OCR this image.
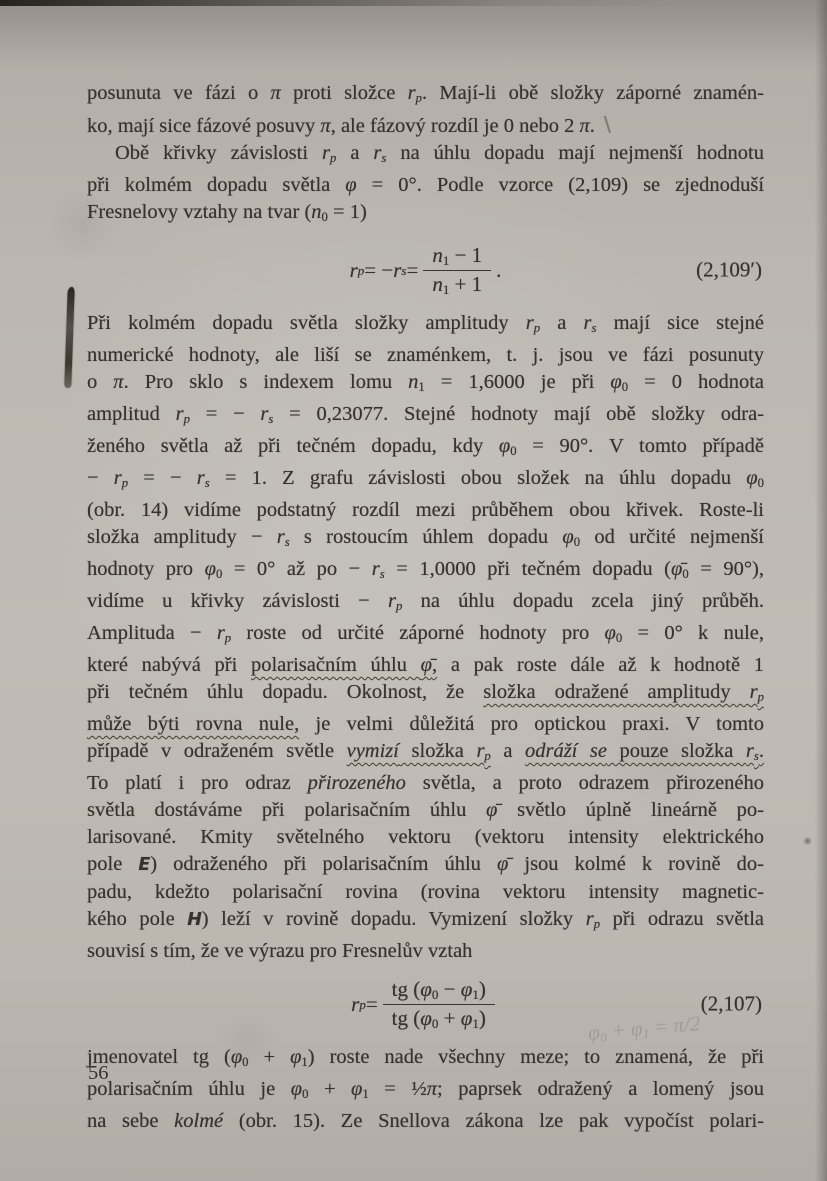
posunuta ve fázi o π proti složce rp. Mají-li obě složky záporné znamén-
ko, mají sice fázové posuvy π, ale fázový rozdíl je 0 nebo 2 π. ∖
Obě křivky závislosti rp a rs na úhlu dopadu mají nejmenší hodnotu
při kolmém dopadu světla φ = 0°. Podle vzorce (2,109) se zjednoduší
Fresnelovy vztahy na tvar (n0 = 1)
r p = − r $s = \frac{n1 - 1}{n1 + 1}$ .	(2,109′)
Při kolmém dopadu světla složky amplitudy rp a rs mají sice stejné
numerické hodnoty, ale liší se znaménkem, t. j. jsou ve fázi posunuty
o π. Pro sklo s indexem lomu n1 = 1,6000 je při φ0 = 0 hodnota
amplitud rp = − rs = 0,23077. Stejné hodnoty mají obě složky odra-
ženého světla až při tečném dopadu, kdy φ0 = 90°. V tomto případě
− rp = − rs = 1. Z grafu závislosti obou složek na úhlu dopadu φ0
(obr. 14) vidíme podstatný rozdíl mezi průběhem obou křivek. Roste-li
složka amplitudy − rs s rostoucím úhlem dopadu φ0 od určité nejmenší
hodnoty pro φ0 = 0° až po − rs = 1,0000 při tečném dopadu (φ̄0 = 90°),
vidíme u křivky závislosti − rp na úhlu dopadu zcela jiný průběh.
Amplituda − rp roste od určité záporné hodnoty pro φ0 = 0° k nule,
které nabývá při polarisačním úhlu φ̄, a pak roste dále až k hodnotě 1
při tečném úhlu dopadu. Okolnost, že složka odražené amplitudy rp
může býti rovna nule, je velmi důležitá pro optickou praxi. V tomto
případě v odraženém světle vymizí složka rp a odráží se pouze složka rs.
To platí i pro odraz přirozeného světla, a proto odrazem přirozeného
světla dostáváme při polarisačním úhlu φ̄ světlo úplně lineárně po-
larisované. Kmity světelného vektoru (vektoru intensity elektrického
pole E) odraženého při polarisačním úhlu φ̄ jsou kolmé k rovině do-
padu, kdežto polarisační rovina (rovina vektoru intensity magnetic-
kého pole H) leží v rovině dopadu. Vymizení složky rp při odrazu světla
souvisí s tím, že ve výrazu pro Fresnelův vztah
r $p = \frac{tg (\varphi 0 - \varphi 1)}{tg (\varphi 0 + \varphi 1)}$	(2,107)
φ0 + φ1 = π/2
jmenovatel tg (φ0 + φ1) roste nade všechny meze; to znamená, že při
polarisačním úhlu je φ0 + φ1 = ½π; paprsek odražený a lomený jsou
na sebe kolmé (obr. 15). Ze Snellova zákona lze pak vypočíst polari-
56
